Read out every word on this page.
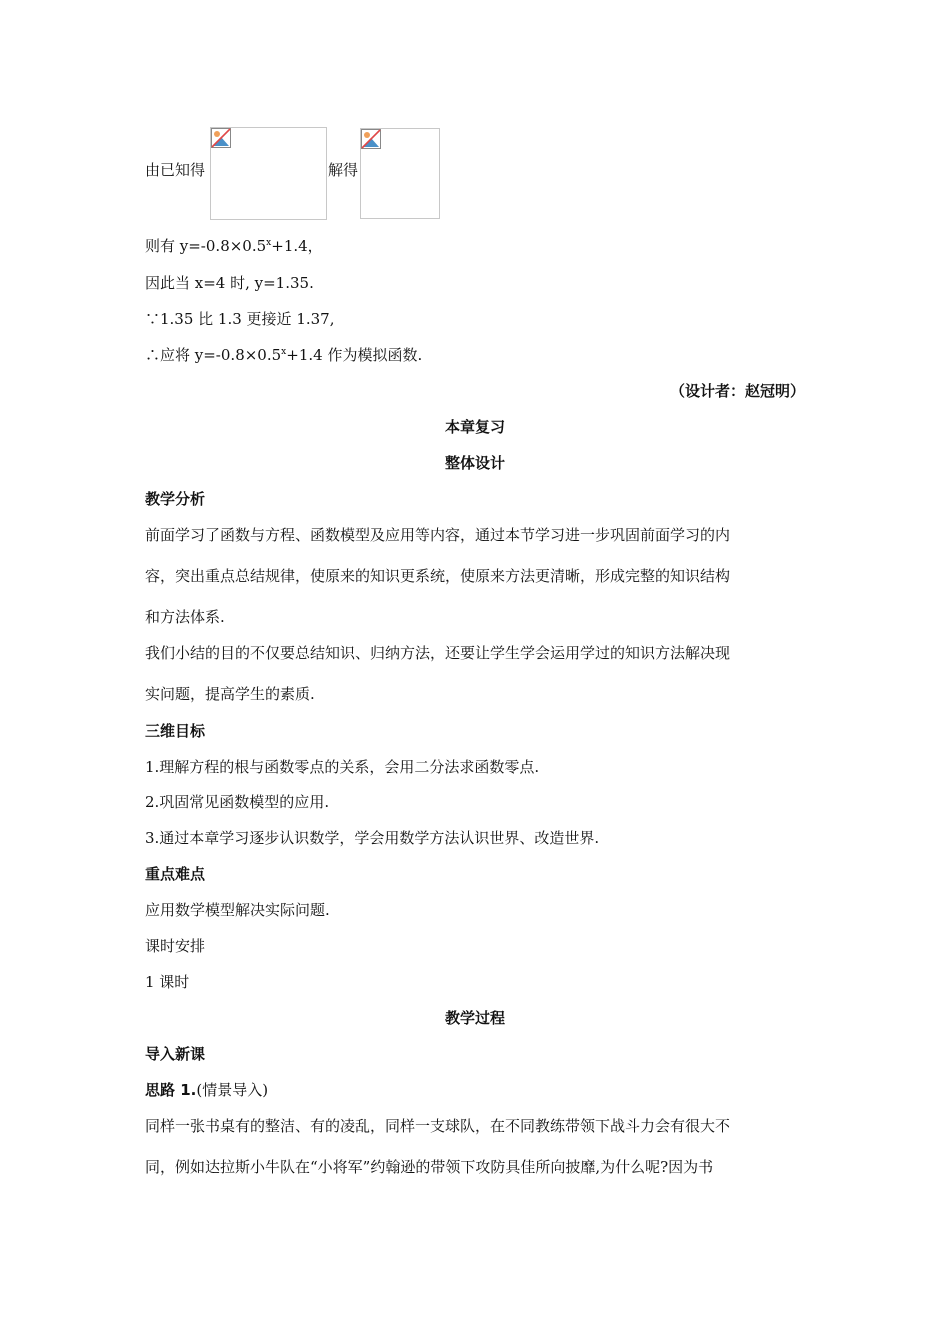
由已知得	解得
则有 $y=-0.8\times 0.5^x+1.4$，
因此当 x=4 时, y=1.35.
∵1.35 比 1.3 更接近 1.37,
∴应将 $y=-0.8\times 0.5^x+1.4$ 作为模拟函数.
（设计者：赵冠明）
本章复习
整体设计
教学分析
前面学习了函数与方程、函数模型及应用等内容，通过本节学习进一步巩固前面学习的内
容，突出重点总结规律，使原来的知识更系统，使原来方法更清晰，形成完整的知识结构
和方法体系.
我们小结的目的不仅要总结知识、归纳方法，还要让学生学会运用学过的知识方法解决现
实问题，提高学生的素质.
三维目标
1.理解方程的根与函数零点的关系，会用二分法求函数零点.
2.巩固常见函数模型的应用.
3.通过本章学习逐步认识数学，学会用数学方法认识世界、改造世界.
重点难点
应用数学模型解决实际问题.
课时安排
1 课时
教学过程
导入新课
思路 1.(情景导入)
同样一张书桌有的整洁、有的凌乱，同样一支球队，在不同教练带领下战斗力会有很大不
同，例如达拉斯小牛队在“小将军”约翰逊的带领下攻防具佳所向披靡,为什么呢?因为书
